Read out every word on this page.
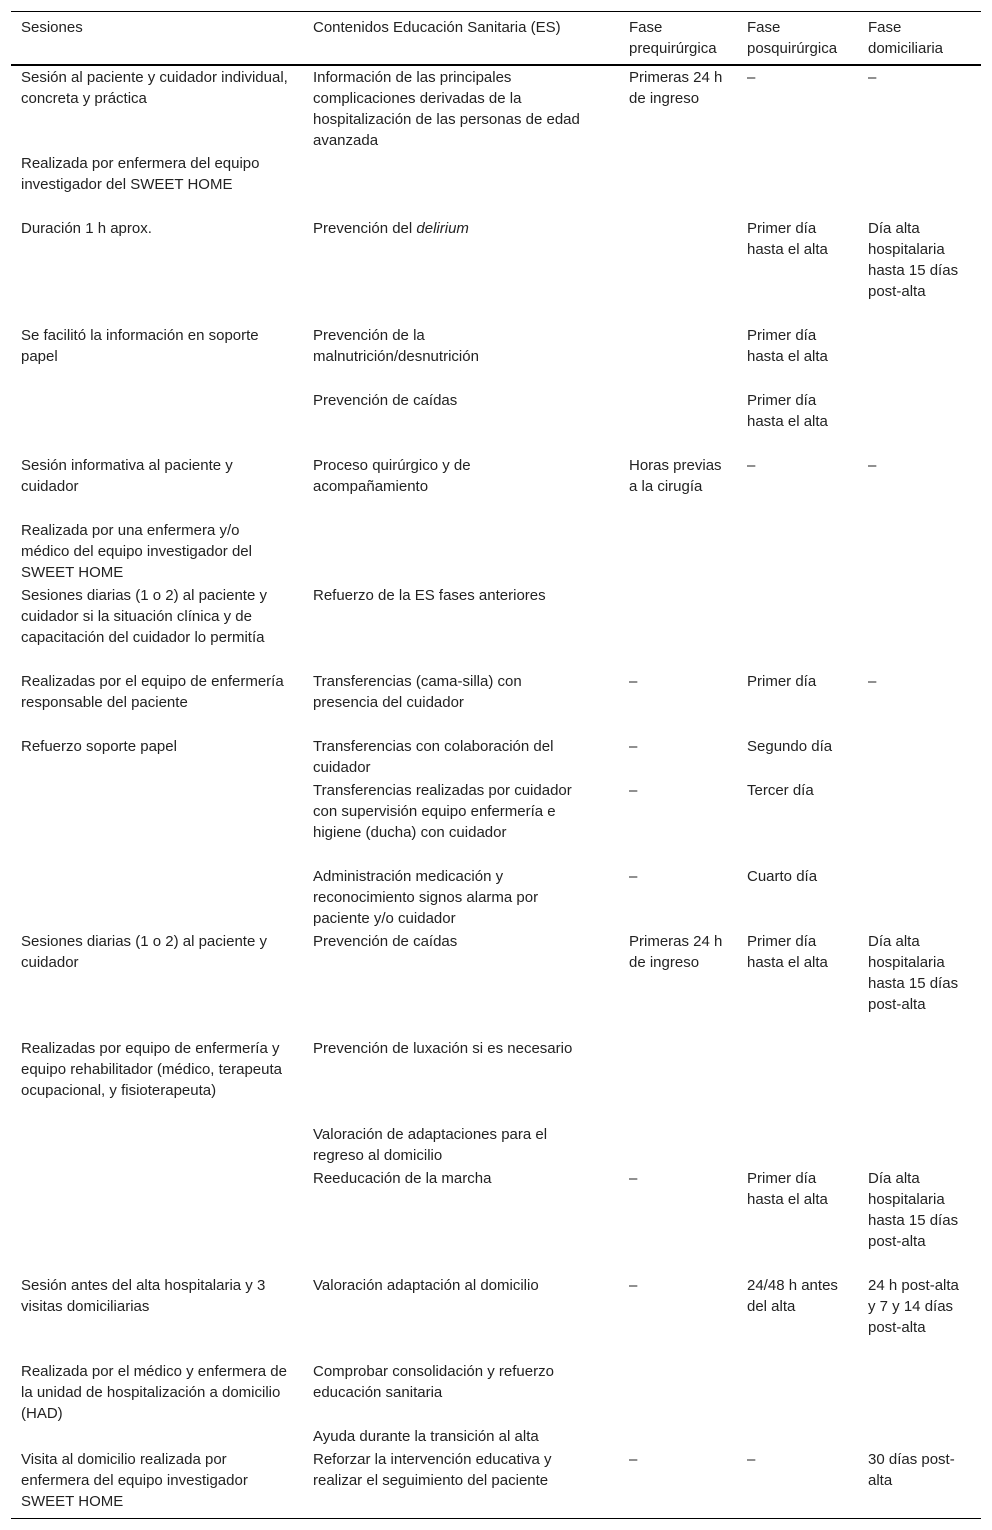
Sesiones	Contenidos Educación Sanitaria (ES)	Fase prequirúrgica
Fase posquirúrgica
Fase domiciliaria
Sesión al paciente y cuidador individual, concreta y práctica
Realizada por enfermera del equipo investigador del SWEET HOME
Duración 1 h aprox.
Se facilitó la información en soporte papel
Sesión informativa al paciente y cuidador
Realizada por una enfermera y/o médico del equipo investigador del SWEET HOME
Sesiones diarias (1 o 2) al paciente y cuidador si la situación clínica y de capacitación del cuidador lo permitía
Realizadas por el equipo de enfermería responsable del paciente
Refuerzo soporte papel
Sesiones diarias (1 o 2) al paciente y cuidador
Realizadas por equipo de enfermería y equipo rehabilitador (médico, terapeuta ocupacional, y fisioterapeuta)
Sesión antes del alta hospitalaria y 3 visitas domiciliarias
Realizada por el médico y enfermera de la unidad de hospitalización a domicilio (HAD)
Visita al domicilio realizada por enfermera del equipo investigador SWEET HOME
Información de las principales complicaciones derivadas de la hospitalización de las personas de edad avanzada
Prevención del delirium
Prevención de la malnutrición/desnutrición
Prevención de caídas
Proceso quirúrgico y de acompañamiento
Refuerzo de la ES fases anteriores
Transferencias (cama-silla) con presencia del cuidador
Transferencias con colaboración del cuidador
Transferencias realizadas por cuidador con supervisión equipo enfermería e higiene (ducha) con cuidador
Administración medicación y reconocimiento signos alarma por paciente y/o cuidador
Prevención de caídas
Prevención de luxación si es necesario
Valoración de adaptaciones para el regreso al domicilio
Reeducación de la marcha
Valoración adaptación al domicilio
Comprobar consolidación y refuerzo educación sanitaria
Ayuda durante la transición al alta
Reforzar la intervención educativa y realizar el seguimiento del paciente
Primeras 24 h de ingreso
Horas previas a la cirugía
–
–
–
–
Primeras 24 h de ingreso
–
–
–
–
Primer día hasta el alta
Primer día hasta el alta
Primer día hasta el alta
–
Primer día
Segundo día
Tercer día
Cuarto día
Primer día hasta el alta
Primer día hasta el alta
24/48 h antes del alta
–
–
Día alta hospitalaria hasta 15 días post-alta
–
–
Día alta hospitalaria hasta 15 días post-alta
Día alta hospitalaria hasta 15 días post-alta
24 h post-alta y 7 y 14 días post-alta
30 días post-alta
